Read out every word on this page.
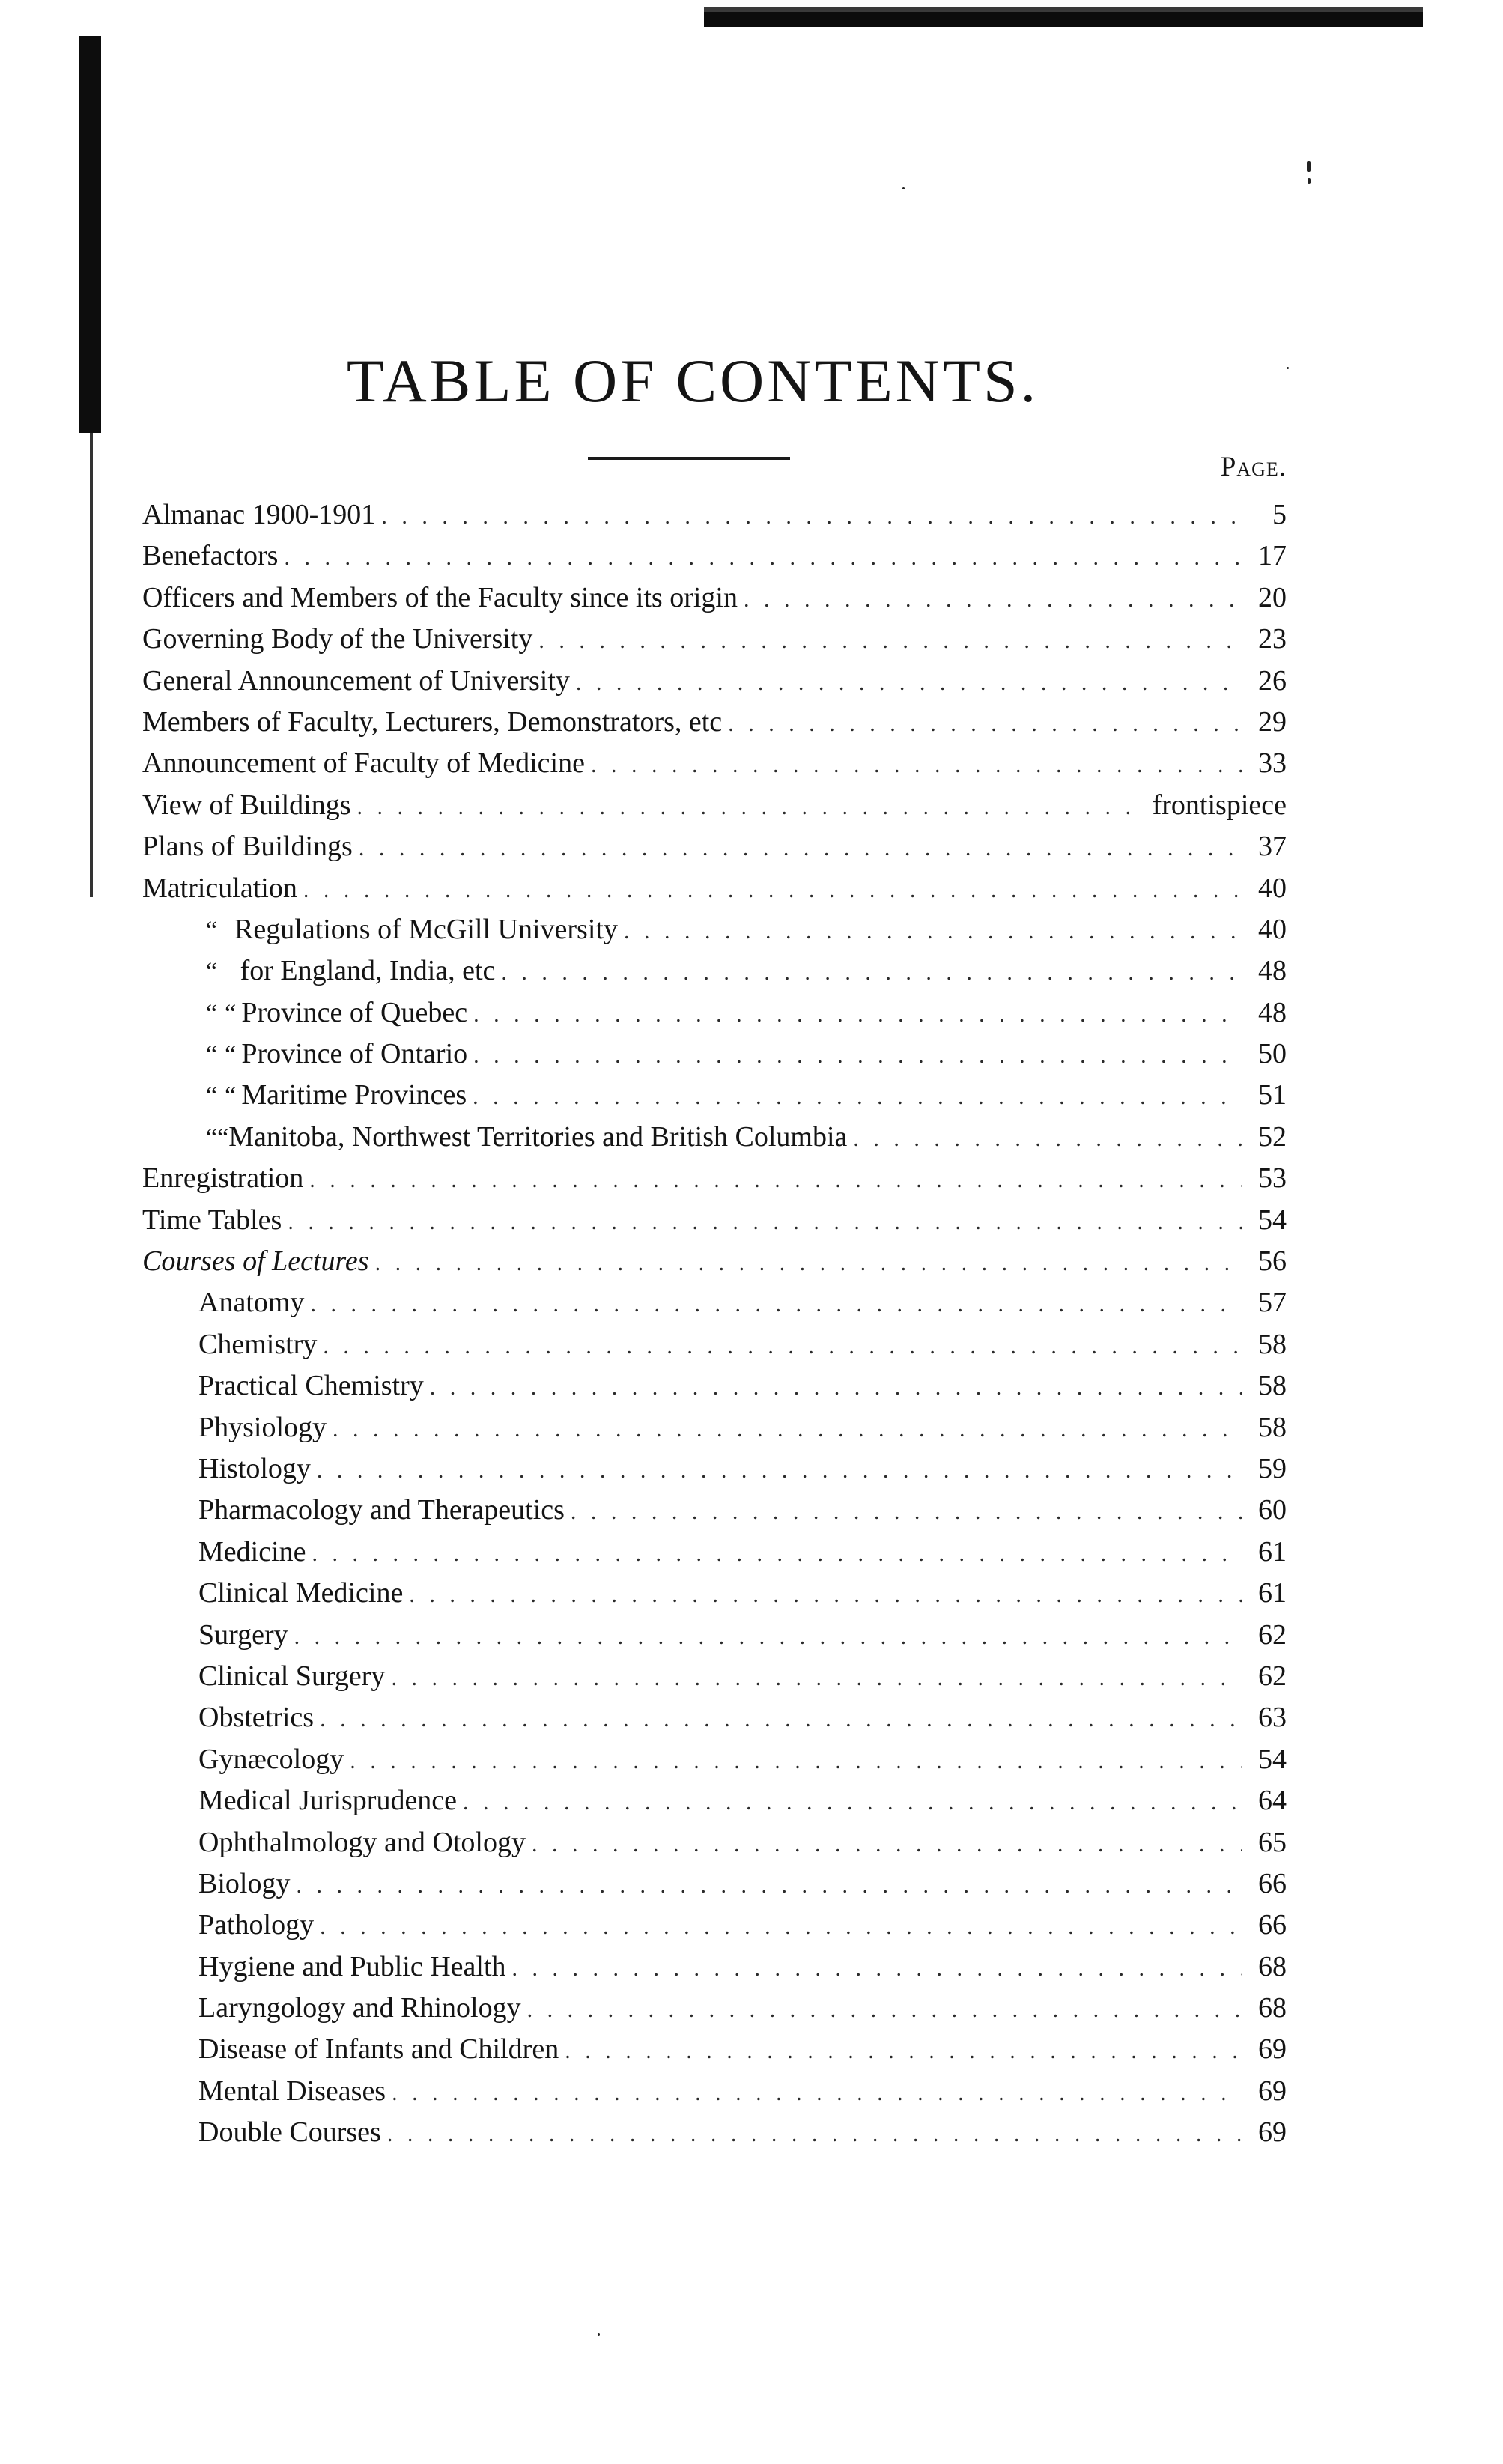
TABLE OF CONTENTS.
Page.
Almanac 1900-1901 . . .	5
Benefactors . . .	17
Officers and Members of the Faculty since its origin . . .	20
Governing Body of the University . . .	23
General Announcement of University . . .	26
Members of Faculty, Lecturers, Demonstrators, etc . . .	29
Announcement of Faculty of Medicine . . .	33
View of Buildings . . .	frontispiece
Plans of Buildings . . .	37
Matriculation . . .	40
“ Regulations of McGill University . . .	40
“ for England, India, etc . . .	48
“ “ Province of Quebec . . .	48
“ “ Province of Ontario . . .	50
“ “ Maritime Provinces . . .	51
“ “ Manitoba, Northwest Territories and British Columbia . . .	52
Enregistration . . .	53
Time Tables . . .	54
Courses of Lectures . . .	56
Anatomy . . .	57
Chemistry . . .	58
Practical Chemistry . . .	58
Physiology . . .	58
Histology . . .	59
Pharmacology and Therapeutics . . .	60
Medicine . . .	61
Clinical Medicine . . .	61
Surgery . . .	62
Clinical Surgery . . .	62
Obstetrics . . .	63
Gynæcology . . .	54
Medical Jurisprudence . . .	64
Ophthalmology and Otology . . .	65
Biology . . .	66
Pathology . . .	66
Hygiene and Public Health . . .	68
Laryngology and Rhinology . . .	68
Disease of Infants and Children . . .	69
Mental Diseases . . .	69
Double Courses . . .	69
